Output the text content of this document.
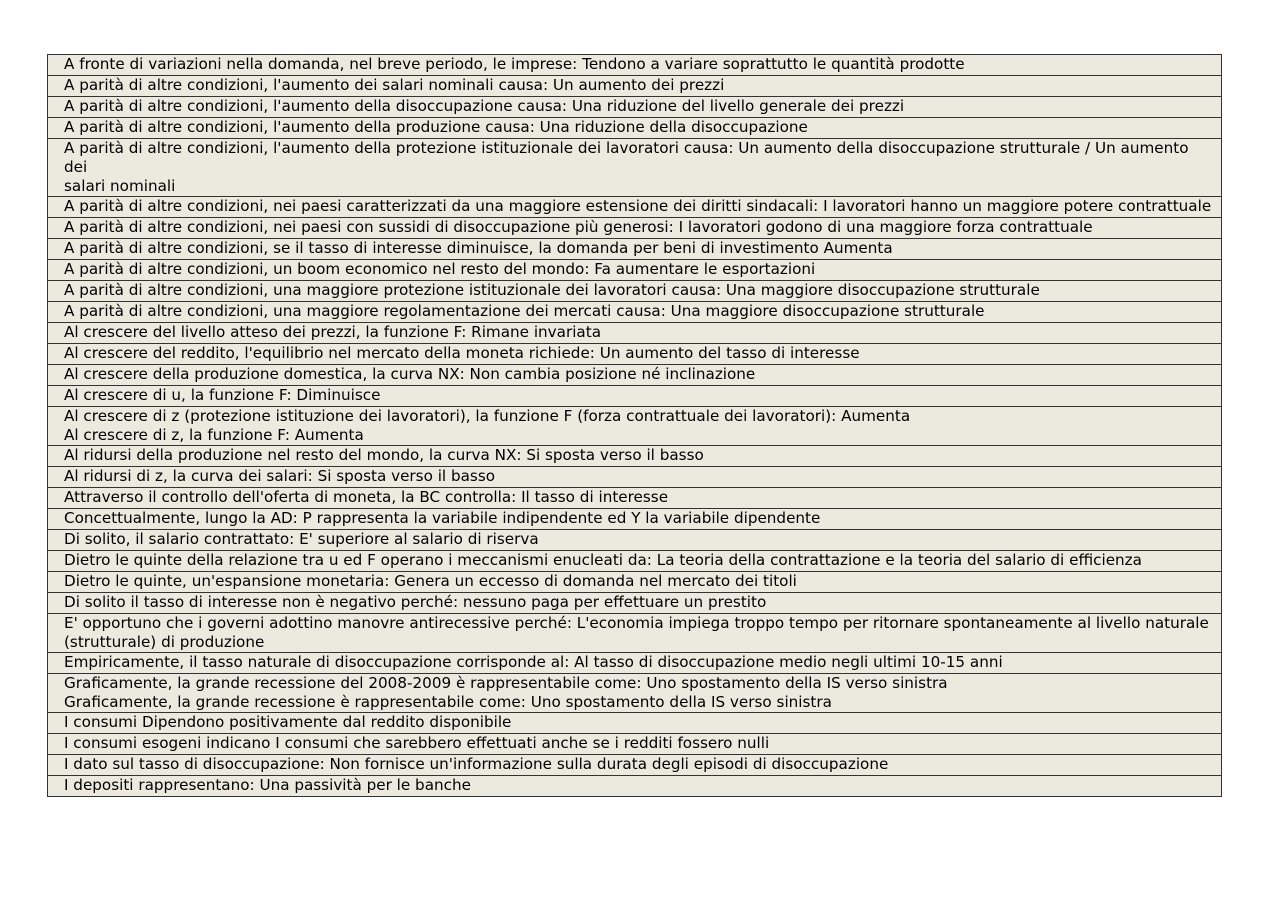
A fronte di variazioni nella domanda, nel breve periodo, le imprese: Tendono a variare soprattutto le quantità prodotte
A parità di altre condizioni, l'aumento dei salari nominali causa: Un aumento dei prezzi
A parità di altre condizioni, l'aumento della disoccupazione causa: Una riduzione del livello generale dei prezzi
A parità di altre condizioni, l'aumento della produzione causa: Una riduzione della disoccupazione
A parità di altre condizioni, l'aumento della protezione istituzionale dei lavoratori causa: Un aumento della disoccupazione strutturale / Un aumento dei
salari nominali
A parità di altre condizioni, nei paesi caratterizzati da una maggiore estensione dei diritti sindacali: I lavoratori hanno un maggiore potere contrattuale
A parità di altre condizioni, nei paesi con sussidi di disoccupazione più generosi: I lavoratori godono di una maggiore forza contrattuale
A parità di altre condizioni, se il tasso di interesse diminuisce, la domanda per beni di investimento Aumenta
A parità di altre condizioni, un boom economico nel resto del mondo: Fa aumentare le esportazioni
A parità di altre condizioni, una maggiore protezione istituzionale dei lavoratori causa: Una maggiore disoccupazione strutturale
A parità di altre condizioni, una maggiore regolamentazione dei mercati causa: Una maggiore disoccupazione strutturale
Al crescere del livello atteso dei prezzi, la funzione F: Rimane invariata
Al crescere del reddito, l'equilibrio nel mercato della moneta richiede: Un aumento del tasso di interesse
Al crescere della produzione domestica, la curva NX: Non cambia posizione né inclinazione
Al crescere di u, la funzione F: Diminuisce
Al crescere di z (protezione istituzione dei lavoratori), la funzione F (forza contrattuale dei lavoratori): Aumenta
Al crescere di z, la funzione F: Aumenta
Al ridursi della produzione nel resto del mondo, la curva NX: Si sposta verso il basso
Al ridursi di z, la curva dei salari: Si sposta verso il basso
Attraverso il controllo dell'oferta di moneta, la BC controlla: Il tasso di interesse
Concettualmente, lungo la AD: P rappresenta la variabile indipendente ed Y la variabile dipendente
Di solito, il salario contrattato: E' superiore al salario di riserva
Dietro le quinte della relazione tra u ed F operano i meccanismi enucleati da: La teoria della contrattazione e la teoria del salario di efficienza
Dietro le quinte, un'espansione monetaria: Genera un eccesso di domanda nel mercato dei titoli
Di solito il tasso di interesse non è negativo perché: nessuno paga per effettuare un prestito
E' opportuno che i governi adottino manovre antirecessive perché: L'economia impiega troppo tempo per ritornare spontaneamente al livello naturale (strutturale) di produzione
Empiricamente, il tasso naturale di disoccupazione corrisponde al: Al tasso di disoccupazione medio negli ultimi 10-15 anni
Graficamente, la grande recessione del 2008-2009 è rappresentabile come: Uno spostamento della IS verso sinistra
Graficamente, la grande recessione è rappresentabile come: Uno spostamento della IS verso sinistra
I consumi Dipendono positivamente dal reddito disponibile
I consumi esogeni indicano I consumi che sarebbero effettuati anche se i redditi fossero nulli
I dato sul tasso di disoccupazione: Non fornisce un'informazione sulla durata degli episodi di disoccupazione
I depositi rappresentano: Una passività per le banche
